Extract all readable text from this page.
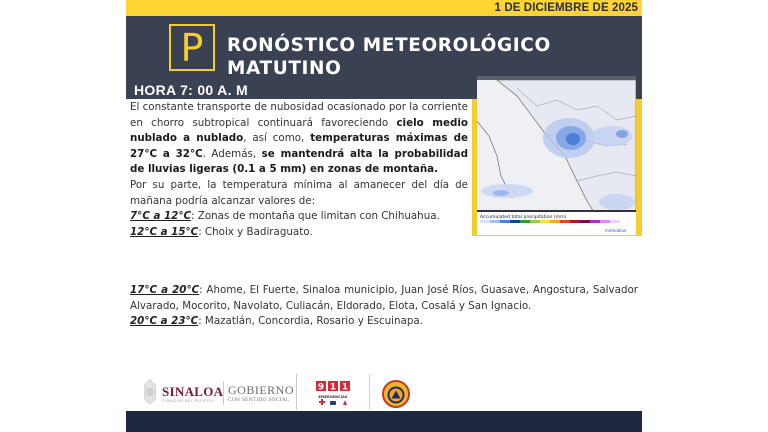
1 DE DICIEMBRE DE 2025
P	RONÓSTICO METEOROLÓGICO
MATUTINO
HORA 7: 00 A. M
Accumulated total precipitation (mm)
meteoblue

El constante transporte de nubosidad ocasionado por la corriente en chorro subtropical continuará favoreciendo cielo medio nublado a nublado, así como, temperaturas máximas de 27°C a 32°C. Además, se mantendrá alta la probabilidad de lluvias ligeras (0.1 a 5 mm) en zonas de montaña.

Por su parte, la temperatura mínima al amanecer del día de mañana podría alcanzar valores de:

7°C a 12°C: Zonas de montaña que limitan con Chihuahua.

12°C a 15°C: Choix y Badiraguato.

17°C a 20°C: Ahome, El Fuerte, Sinaloa municipio, Juan José Ríos, Guasave, Angostura, Salvador Alvarado, Mocorito, Navolato, Culiacán, Eldorado, Elota, Cosalá y San Ignacio.

20°C a 23°C: Mazatlán, Concordia, Rosario y Escuinapa.

SINALOA
CORAZÓN DEL PACÍFICO
GOBIERNO
CON SENTIDO SOCIAL
9 1 1
EMERGENCIAS
